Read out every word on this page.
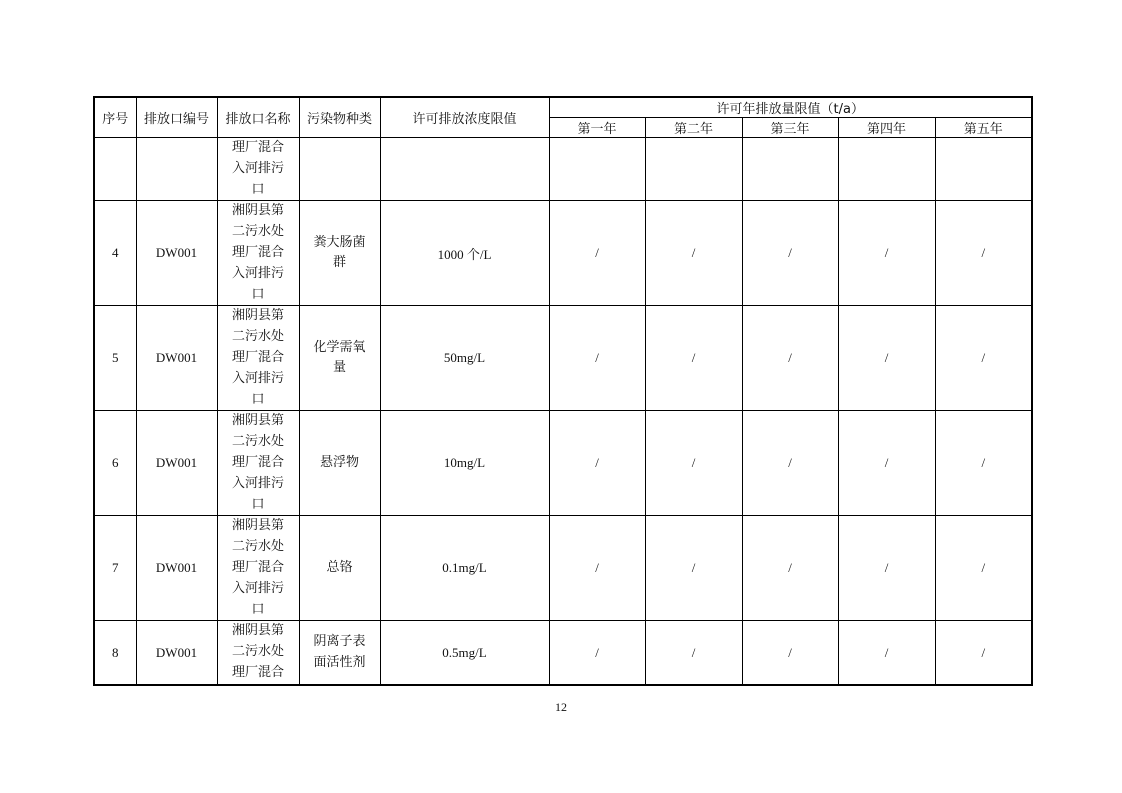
序号	排放口编号	排放口名称	污染物种类	许可排放浓度限值	许可年排放量限值（t/a）				
					第一年	第二年	第三年	第四年	第五年

		理厂混合
入河排污
口							

4	DW001	湘阴县第
二污水处
理厂混合
入河排污
口	粪大肠菌
群	1000 个/L	/	/	/	/	/
5	DW001	湘阴县第
二污水处
理厂混合
入河排污
口	化学需氧
量	50mg/L	/	/	/	/	/
6	DW001	湘阴县第
二污水处
理厂混合
入河排污
口	悬浮物	10mg/L	/	/	/	/	/
7	DW001	湘阴县第
二污水处
理厂混合
入河排污
口	总铬	0.1mg/L	/	/	/	/	/
8	DW001	湘阴县第
二污水处
理厂混合	阴离子表
面活性剂	0.5mg/L	/	/	/	/	/
12
